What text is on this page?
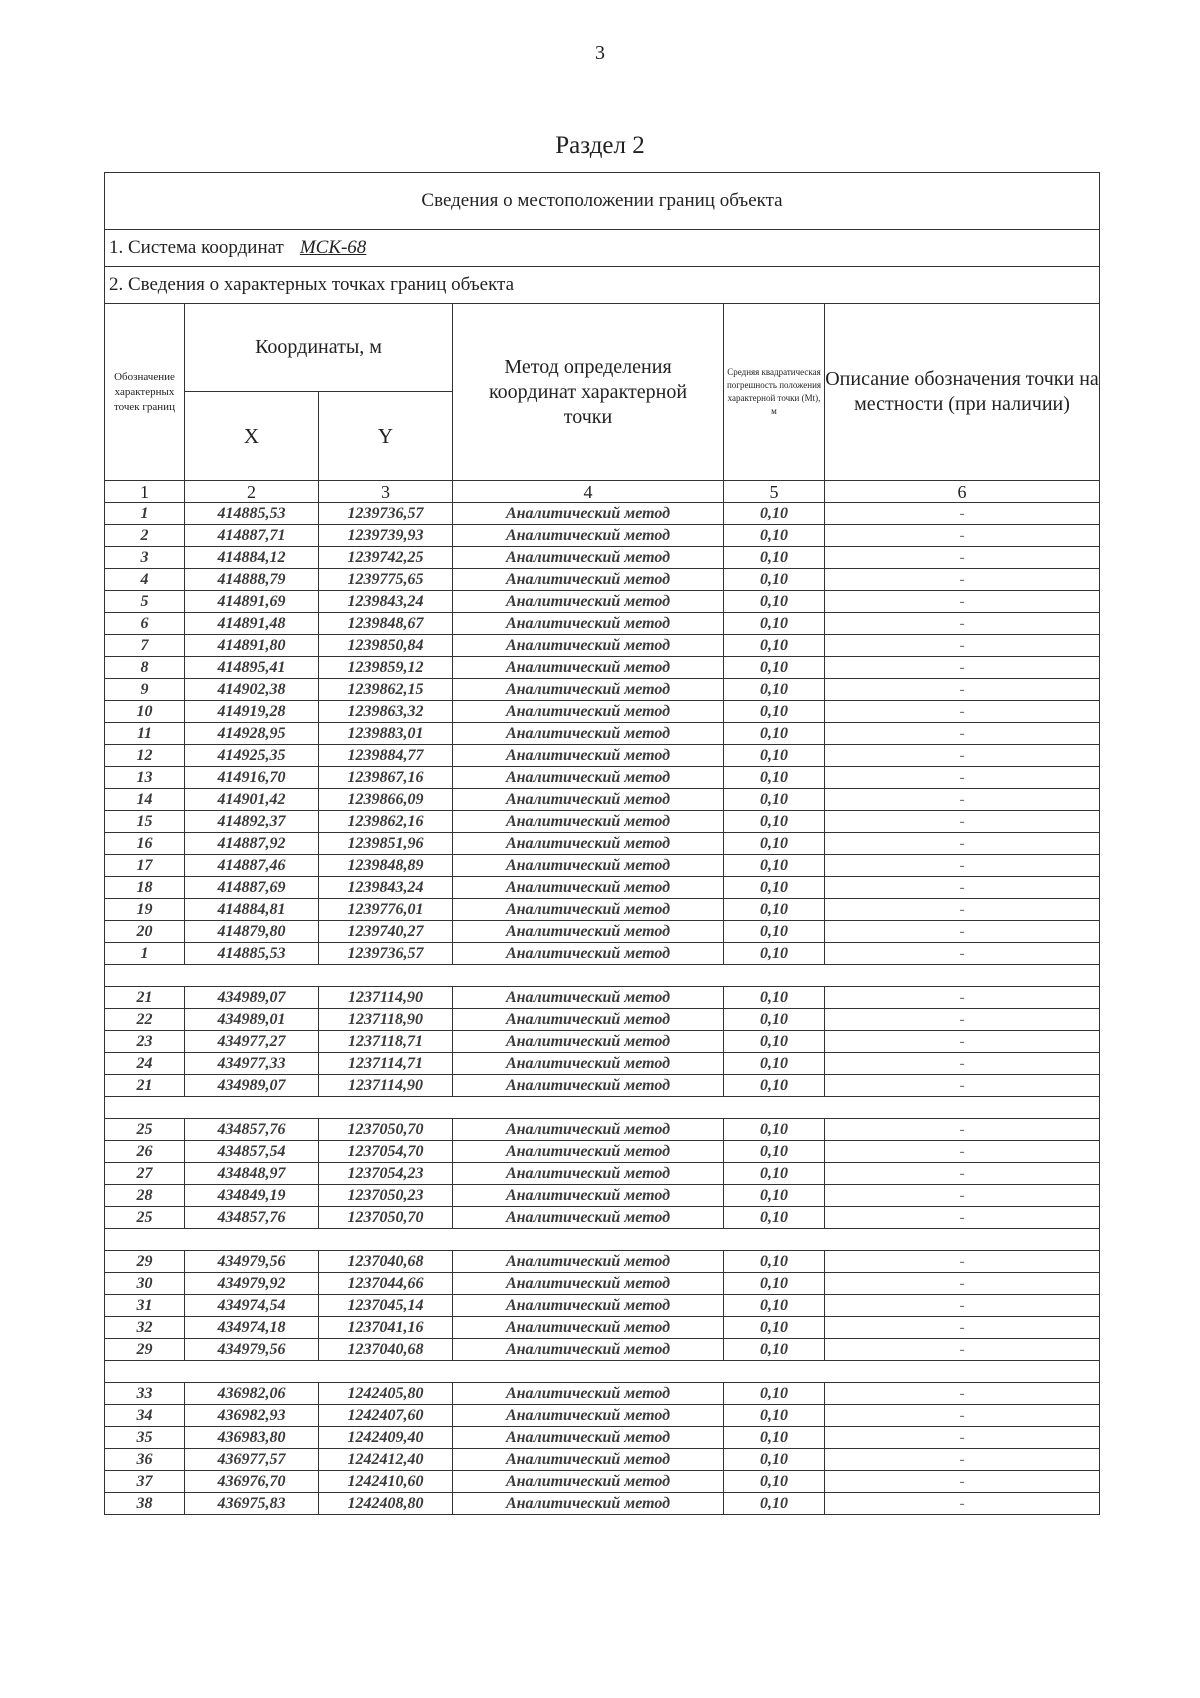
3
Раздел 2
Сведения о местоположении границ объекта					
1. Система координат МСК-68					
2. Сведения о характерных точках границ объекта					
Обозначение характерных точек границ	Координаты, м		Метод определения координат характерной точки	Средняя квадратическая погрешность положения характерной точки (Mt), м	Описание обозначения точки на местности (при наличии)
	X	Y			
1	2	3	4	5	6
1	414885,53	1239736,57	Аналитический метод	0,10	-
2	414887,71	1239739,93	Аналитический метод	0,10	-
3	414884,12	1239742,25	Аналитический метод	0,10	-
4	414888,79	1239775,65	Аналитический метод	0,10	-
5	414891,69	1239843,24	Аналитический метод	0,10	-
6	414891,48	1239848,67	Аналитический метод	0,10	-
7	414891,80	1239850,84	Аналитический метод	0,10	-
8	414895,41	1239859,12	Аналитический метод	0,10	-
9	414902,38	1239862,15	Аналитический метод	0,10	-
10	414919,28	1239863,32	Аналитический метод	0,10	-
11	414928,95	1239883,01	Аналитический метод	0,10	-
12	414925,35	1239884,77	Аналитический метод	0,10	-
13	414916,70	1239867,16	Аналитический метод	0,10	-
14	414901,42	1239866,09	Аналитический метод	0,10	-
15	414892,37	1239862,16	Аналитический метод	0,10	-
16	414887,92	1239851,96	Аналитический метод	0,10	-
17	414887,46	1239848,89	Аналитический метод	0,10	-
18	414887,69	1239843,24	Аналитический метод	0,10	-
19	414884,81	1239776,01	Аналитический метод	0,10	-
20	414879,80	1239740,27	Аналитический метод	0,10	-
1	414885,53	1239736,57	Аналитический метод	0,10	-

21	434989,07	1237114,90	Аналитический метод	0,10	-
22	434989,01	1237118,90	Аналитический метод	0,10	-
23	434977,27	1237118,71	Аналитический метод	0,10	-
24	434977,33	1237114,71	Аналитический метод	0,10	-
21	434989,07	1237114,90	Аналитический метод	0,10	-

25	434857,76	1237050,70	Аналитический метод	0,10	-
26	434857,54	1237054,70	Аналитический метод	0,10	-
27	434848,97	1237054,23	Аналитический метод	0,10	-
28	434849,19	1237050,23	Аналитический метод	0,10	-
25	434857,76	1237050,70	Аналитический метод	0,10	-

29	434979,56	1237040,68	Аналитический метод	0,10	-
30	434979,92	1237044,66	Аналитический метод	0,10	-
31	434974,54	1237045,14	Аналитический метод	0,10	-
32	434974,18	1237041,16	Аналитический метод	0,10	-
29	434979,56	1237040,68	Аналитический метод	0,10	-

33	436982,06	1242405,80	Аналитический метод	0,10	-
34	436982,93	1242407,60	Аналитический метод	0,10	-
35	436983,80	1242409,40	Аналитический метод	0,10	-
36	436977,57	1242412,40	Аналитический метод	0,10	-
37	436976,70	1242410,60	Аналитический метод	0,10	-
38	436975,83	1242408,80	Аналитический метод	0,10	-
